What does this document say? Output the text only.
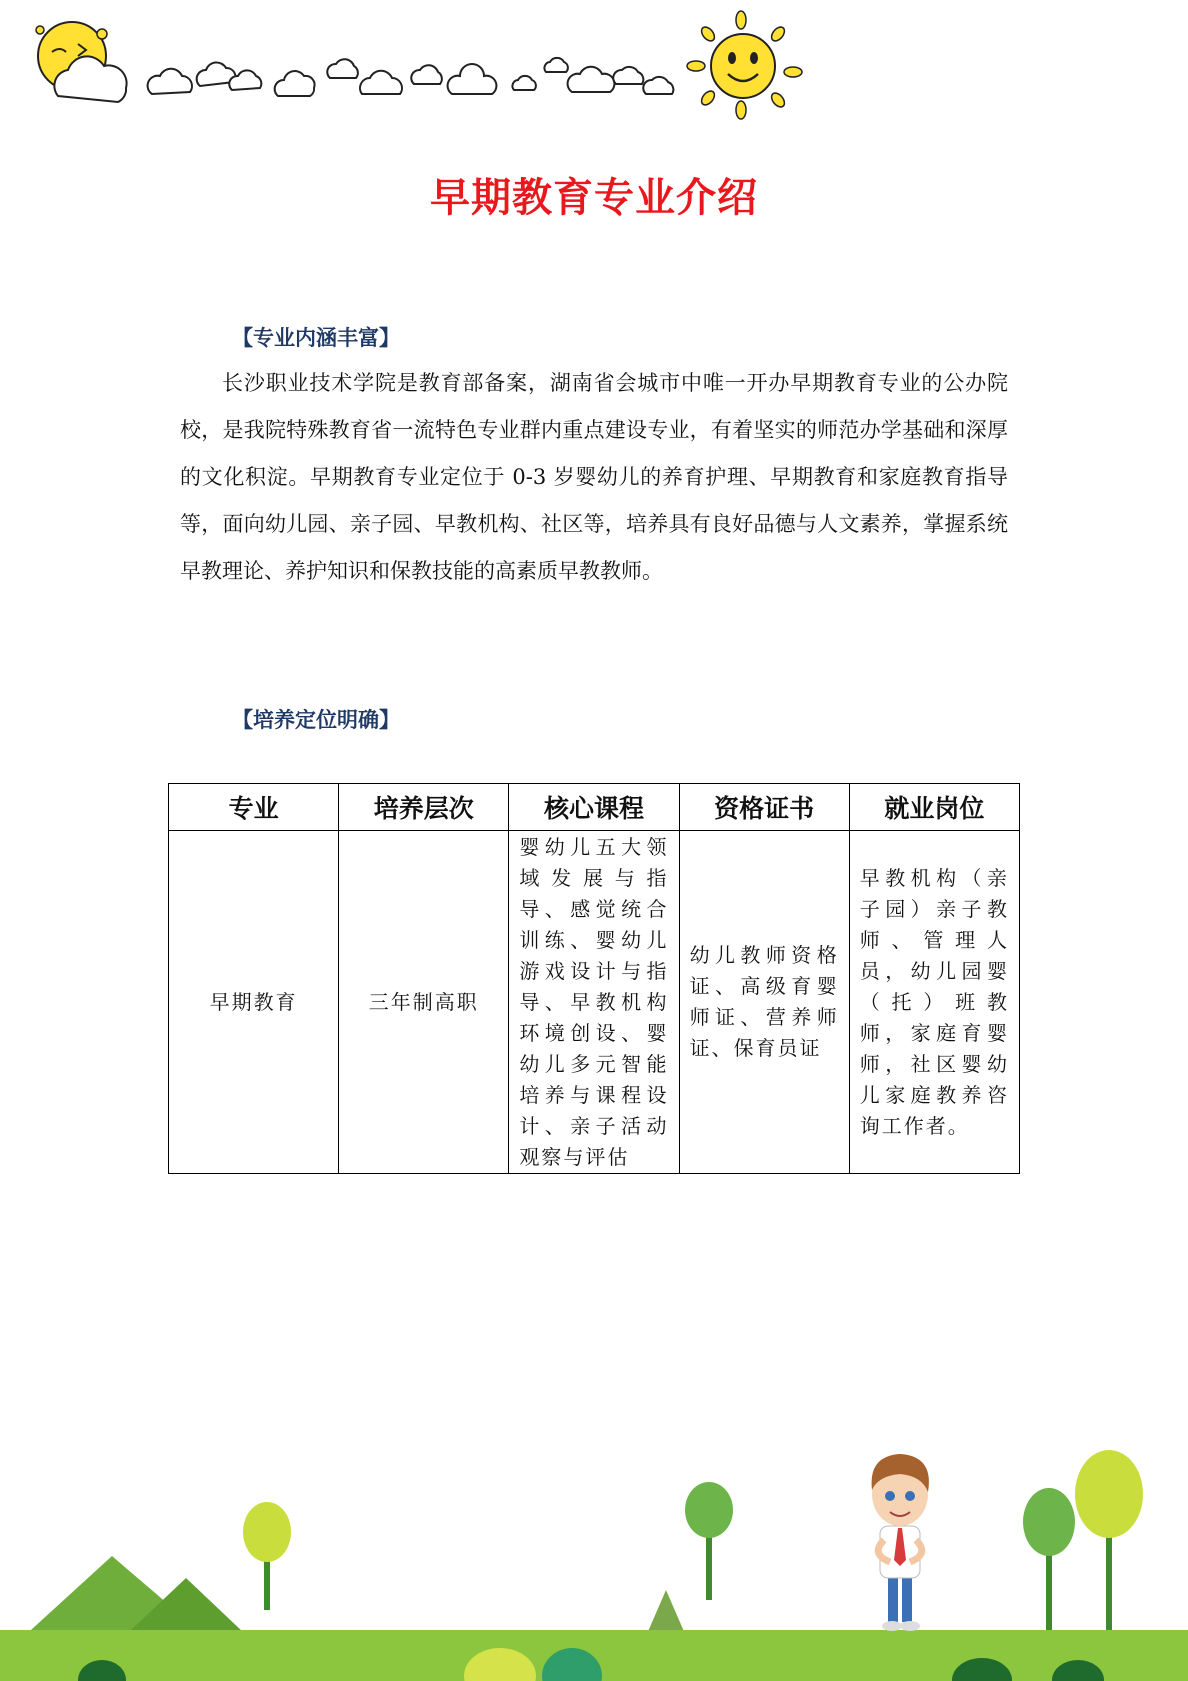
早期教育专业介绍
【专业内涵丰富】
长沙职业技术学院是教育部备案，湖南省会城市中唯一开办早期教育专业的公办院校，是我院特殊教育省一流特色专业群内重点建设专业，有着坚实的师范办学基础和深厚的文化积淀。早期教育专业定位于 0-3 岁婴幼儿的养育护理、早期教育和家庭教育指导等，面向幼儿园、亲子园、早教机构、社区等，培养具有良好品德与人文素养，掌握系统早教理论、养护知识和保教技能的高素质早教教师。
【培养定位明确】
专业	培养层次	核心课程	资格证书	就业岗位
早期教育	三年制高职	婴幼儿五大领域发展与指导、感觉统合训练、婴幼儿游戏设计与指导、早教机构环境创设、婴幼儿多元智能培养与课程设计、亲子活动观察与评估	幼儿教师资格证、高级育婴师证、营养师证、保育员证	早教机构（亲子园）亲子教师、管理人员，幼儿园婴（托）班教师，家庭育婴师，社区婴幼儿家庭教养咨询工作者。
